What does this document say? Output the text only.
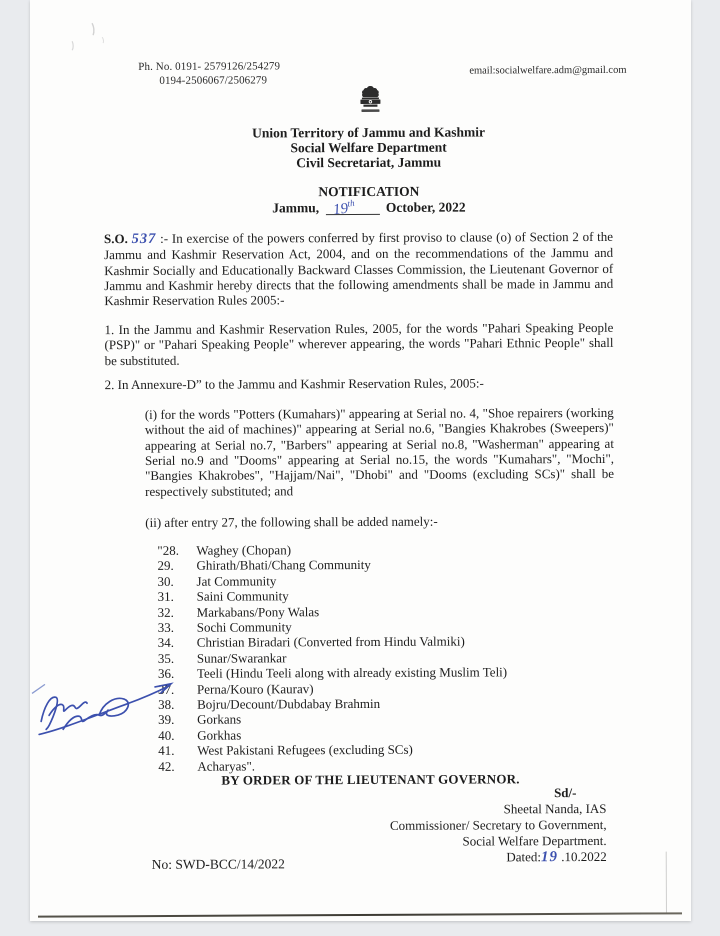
Ph. No. 0191- 2579126/254279
0194-2506067/2506279
email:socialwelfare.adm@gmail.com
Union Territory of Jammu and Kashmir
Social Welfare Department
Civil Secretariat, Jammu
NOTIFICATION
Jammu, 19th October, 2022
S.O. 537 :- In exercise of the powers conferred by first proviso to clause (o) of Section 2 of the Jammu and Kashmir Reservation Act, 2004, and on the recommendations of the Jammu and Kashmir Socially and Educationally Backward Classes Commission, the Lieutenant Governor of Jammu and Kashmir hereby directs that the following amendments shall be made in Jammu and Kashmir Reservation Rules 2005:-
1. In the Jammu and Kashmir Reservation Rules, 2005, for the words "Pahari Speaking People (PSP)" or "Pahari Speaking People" wherever appearing, the words "Pahari Ethnic People" shall be substituted.
2. In Annexure-D” to the Jammu and Kashmir Reservation Rules, 2005:-
(i) for the words "Potters (Kumahars)" appearing at Serial no. 4, "Shoe repairers (working without the aid of machines)" appearing at Serial no.6, "Bangies Khakrobes (Sweepers)" appearing at Serial no.7, "Barbers" appearing at Serial no.8, "Washerman" appearing at Serial no.9 and "Dooms" appearing at Serial no.15, the words "Kumahars", "Mochi", "Bangies Khakrobes", "Hajjam/Nai", "Dhobi" and "Dooms (excluding SCs)" shall be respectively substituted; and
(ii) after entry 27, the following shall be added namely:-
"28.	Waghey (Chopan)
29.	Ghirath/Bhati/Chang Community
30.	Jat Community
31.	Saini Community
32.	Markabans/Pony Walas
33.	Sochi Community
34.	Christian Biradari (Converted from Hindu Valmiki)
35.	Sunar/Swarankar
36.	Teeli (Hindu Teeli along with already existing Muslim Teli)
37.	Perna/Kouro (Kaurav)
38.	Bojru/Decount/Dubdabay Brahmin
39.	Gorkans
40.	Gorkhas
41.	West Pakistani Refugees (excluding SCs)
42.	Acharyas".
BY ORDER OF THE LIEUTENANT GOVERNOR.
Sd/-
Sheetal Nanda, IAS
Commissioner/ Secretary to Government,
Social Welfare Department.
Dated:19 .10.2022
No: SWD-BCC/14/2022
